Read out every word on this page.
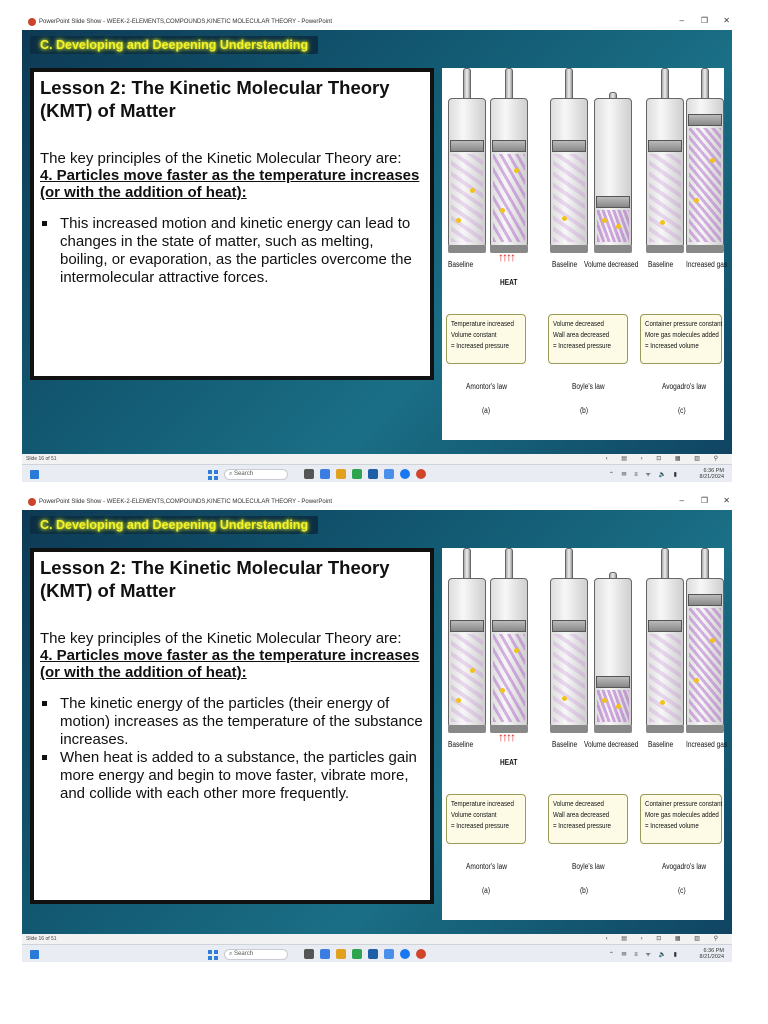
PowerPoint Slide Show - WEEK-2-ELEMENTS,COMPOUNDS,KINETIC MOLECULAR THEORY - PowerPoint	– ❐ ✕
C. Developing and Deepening Understanding
Lesson 2: The Kinetic Molecular Theory (KMT) of Matter
The key principles of the Kinetic Molecular Theory are:
4. Particles move faster as the temperature increases (or with the addition of heat):
This increased motion and kinetic energy can lead to changes in the state of matter, such as melting, boiling, or evaporation, as the particles overcome the intermolecular attractive forces.
Baseline
↑↑↑↑
HEAT
Baseline Volume decreased Baseline Increased gas
Temperature increased
Volume constant
= Increased pressure
Volume decreased
Wall area decreased
= Increased pressure
Container pressure constant
More gas molecules added
= Increased volume
Amontor's law	Boyle's law	Avogadro's law
(a)	(b)	(c)
Slide 16 of 51	‹ ▤ › ⊡ ▦ ▥ ⚲
⌕ Search	⌃ ✉ ≡ ᯤ 🔈 ▮
6:36 PM
8/21/2024
PowerPoint Slide Show - WEEK-2-ELEMENTS,COMPOUNDS,KINETIC MOLECULAR THEORY - PowerPoint	– ❐ ✕
C. Developing and Deepening Understanding
Lesson 2: The Kinetic Molecular Theory (KMT) of Matter
The key principles of the Kinetic Molecular Theory are:
4. Particles move faster as the temperature increases (or with the addition of heat):
The kinetic energy of the particles (their energy of motion) increases as the temperature of the substance increases.
When heat is added to a substance, the particles gain more energy and begin to move faster, vibrate more, and collide with each other more frequently.
Baseline
↑↑↑↑
HEAT
Baseline Volume decreased Baseline Increased gas
Temperature increased
Volume constant
= Increased pressure
Volume decreased
Wall area decreased
= Increased pressure
Container pressure constant
More gas molecules added
= Increased volume
Amontor's law	Boyle's law	Avogadro's law
(a)	(b)	(c)
Slide 16 of 51	‹ ▤ › ⊡ ▦ ▥ ⚲
⌕ Search	⌃ ✉ ≡ ᯤ 🔈 ▮
6:36 PM
8/21/2024
